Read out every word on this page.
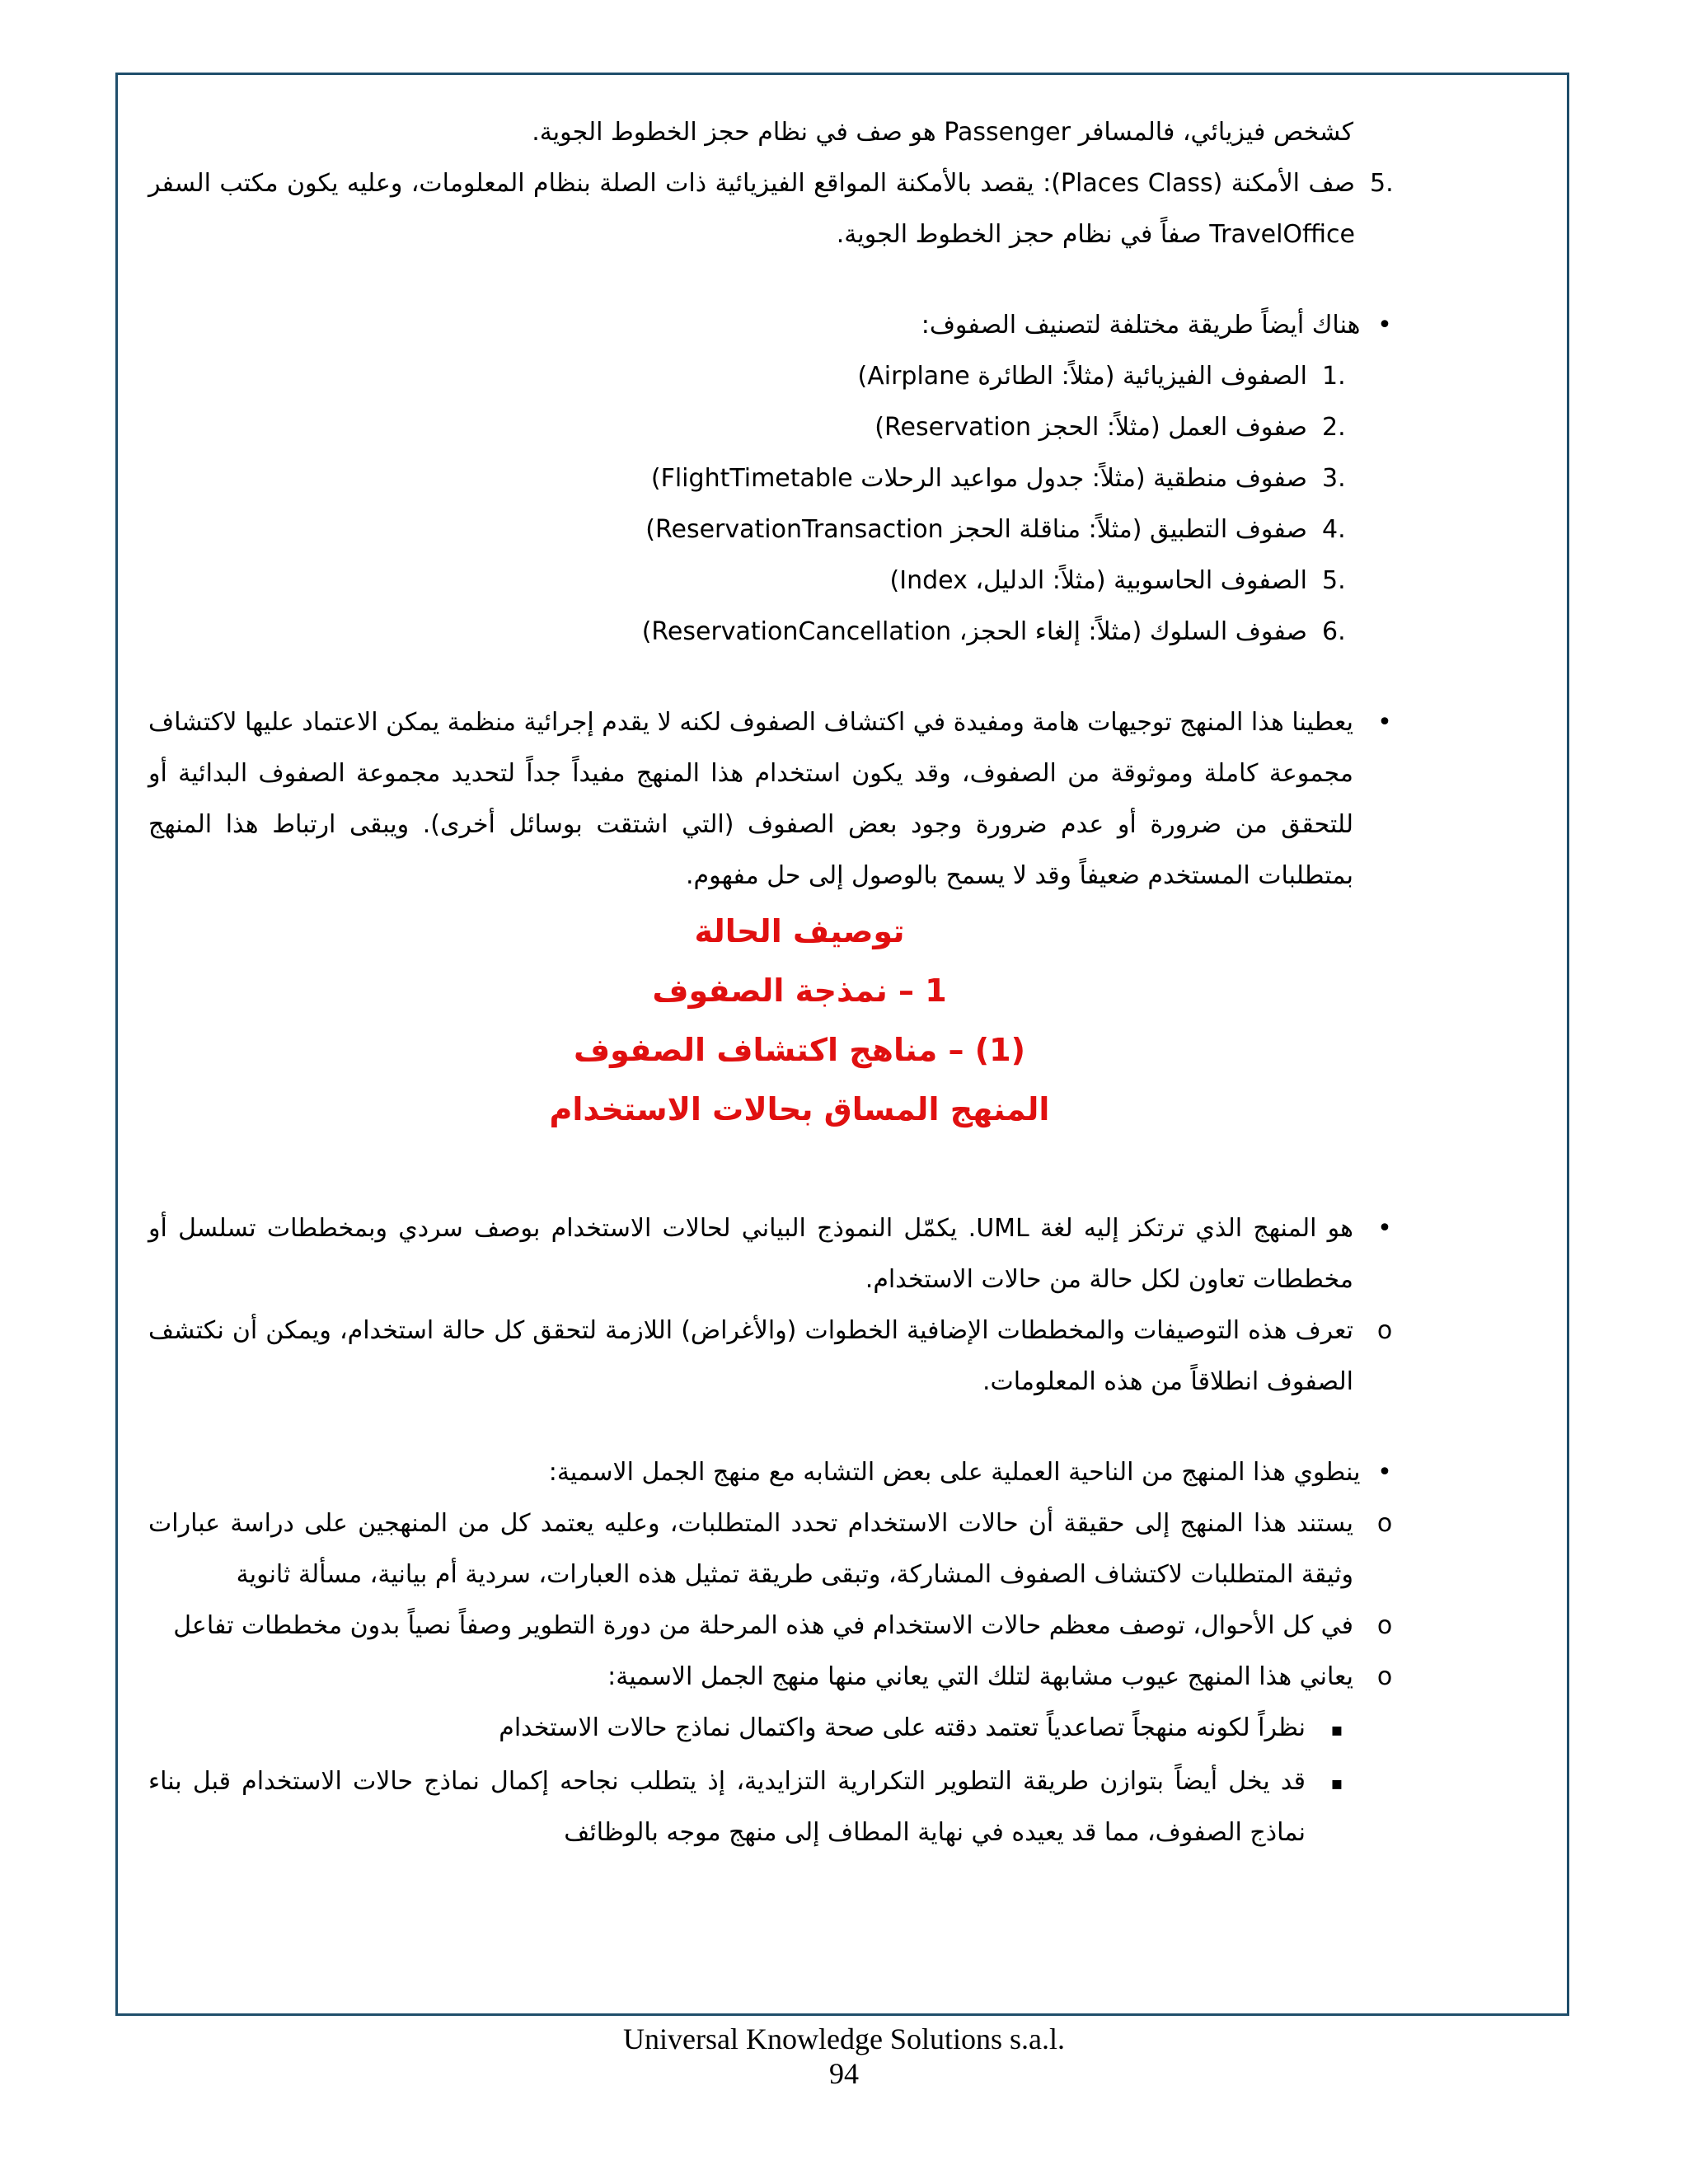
كشخص فيزيائي، فالمسافر Passenger هو صف في نظام حجز الخطوط الجوية.
5.
صف الأمكنة (Places Class): يقصد بالأمكنة المواقع الفيزيائية ذات الصلة بنظام المعلومات، وعليه يكون مكتب السفر TravelOffice صفاً في نظام حجز الخطوط الجوية.
• هناك أيضاً طريقة مختلفة لتصنيف الصفوف:
1.
الصفوف الفيزيائية (مثلاً: الطائرة Airplane)
2.
صفوف العمل (مثلاً: الحجز Reservation)
3.
صفوف منطقية (مثلاً: جدول مواعيد الرحلات FlightTimetable)
4.
صفوف التطبيق (مثلاً: مناقلة الحجز ReservationTransaction)
5.
الصفوف الحاسوبية (مثلاً: الدليل، Index)
6.
صفوف السلوك (مثلاً: إلغاء الحجز، ReservationCancellation)
•
يعطينا هذا المنهج توجيهات هامة ومفيدة في اكتشاف الصفوف لكنه لا يقدم إجرائية منظمة يمكن الاعتماد عليها لاكتشاف مجموعة كاملة وموثوقة من الصفوف، وقد يكون استخدام هذا المنهج مفيداً جداً لتحديد مجموعة الصفوف البدائية أو للتحقق من ضرورة أو عدم ضرورة وجود بعض الصفوف (التي اشتقت بوسائل أخرى). ويبقى ارتباط هذا المنهج بمتطلبات المستخدم ضعيفاً وقد لا يسمح بالوصول إلى حل مفهوم.
توصيف الحالة
1 – نمذجة الصفوف
(1) – مناهج اكتشاف الصفوف
المنهج المساق بحالات الاستخدام
•
هو المنهج الذي ترتكز إليه لغة UML. يكمّل النموذج البياني لحالات الاستخدام بوصف سردي وبمخططات تسلسل أو مخططات تعاون لكل حالة من حالات الاستخدام.
o
تعرف هذه التوصيفات والمخططات الإضافية الخطوات (والأغراض) اللازمة لتحقق كل حالة استخدام، ويمكن أن نكتشف الصفوف انطلاقاً من هذه المعلومات.
• ينطوي هذا المنهج من الناحية العملية على بعض التشابه مع منهج الجمل الاسمية:
o
يستند هذا المنهج إلى حقيقة أن حالات الاستخدام تحدد المتطلبات، وعليه يعتمد كل من المنهجين على دراسة عبارات وثيقة المتطلبات لاكتشاف الصفوف المشاركة، وتبقى طريقة تمثيل هذه العبارات، سردية أم بيانية، مسألة ثانوية
o
في كل الأحوال، توصف معظم حالات الاستخدام في هذه المرحلة من دورة التطوير وصفاً نصياً بدون مخططات تفاعل
o
يعاني هذا المنهج عيوب مشابهة لتلك التي يعاني منها منهج الجمل الاسمية:
▪
نظراً لكونه منهجاً تصاعدياً تعتمد دقته على صحة واكتمال نماذج حالات الاستخدام
▪
قد يخل أيضاً بتوازن طريقة التطوير التكرارية التزايدية، إذ يتطلب نجاحه إكمال نماذج حالات الاستخدام قبل بناء نماذج الصفوف، مما قد يعيده في نهاية المطاف إلى منهج موجه بالوظائف
Universal Knowledge Solutions s.a.l.
94
